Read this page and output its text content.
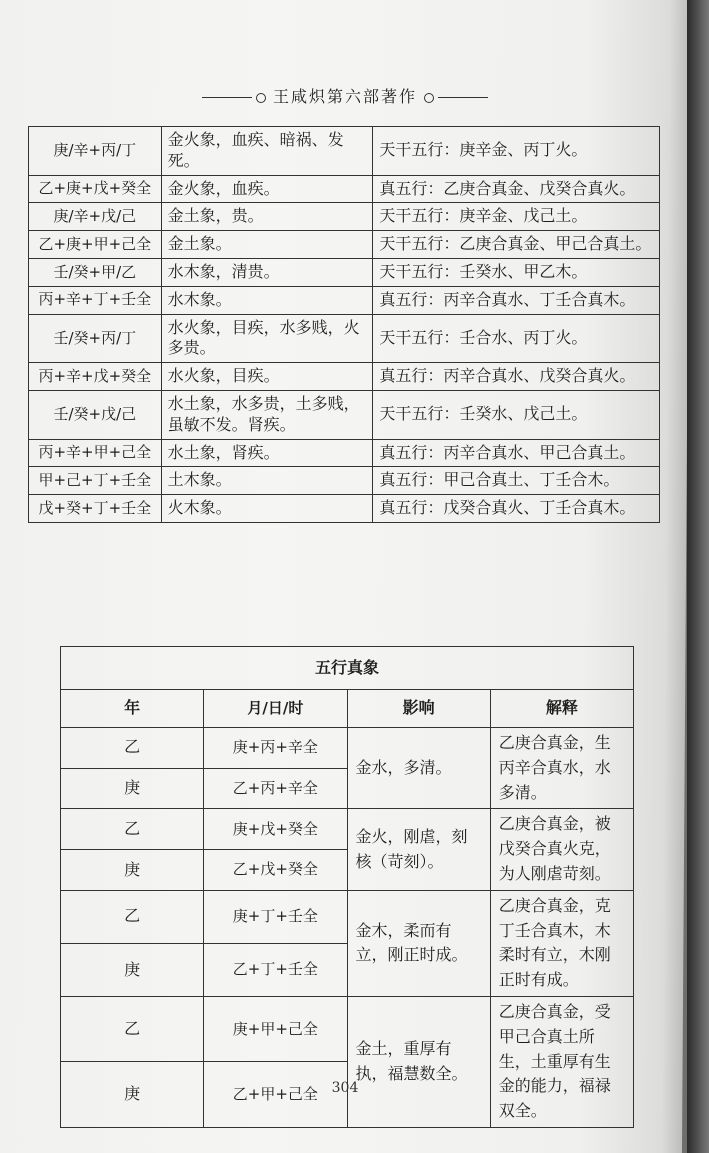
王咸炽第六部著作
庚/辛+丙/丁	金火象，血疾、暗祸、发死。	天干五行：庚辛金、丙丁火。
乙+庚+戊+癸全	金火象，血疾。	真五行：乙庚合真金、戊癸合真火。
庚/辛+戊/己	金土象，贵。	天干五行：庚辛金、戊己土。
乙+庚+甲+己全	金土象。	天干五行：乙庚合真金、甲己合真土。
壬/癸+甲/乙	水木象，清贵。	天干五行：壬癸水、甲乙木。
丙+辛+丁+壬全	水木象。	真五行：丙辛合真水、丁壬合真木。
壬/癸+丙/丁	水火象，目疾，水多贱，火多贵。	天干五行：壬合水、丙丁火。
丙+辛+戊+癸全	水火象，目疾。	真五行：丙辛合真水、戊癸合真火。
壬/癸+戊/己	水土象，水多贵，土多贱，虽敏不发。肾疾。	天干五行：壬癸水、戊己土。
丙+辛+甲+己全	水土象，肾疾。	真五行：丙辛合真水、甲己合真土。
甲+己+丁+壬全	土木象。	真五行：甲己合真土、丁壬合木。
戊+癸+丁+壬全	火木象。	真五行：戊癸合真火、丁壬合真木。
五行真象			
年	月/日/时	影响	解释
乙	庚+丙+辛全	金水，多清。	乙庚合真金，生丙辛合真水，水多清。
庚	乙+丙+辛全		
乙	庚+戊+癸全	金火，刚虐，刻核（苛刻）。	乙庚合真金，被戊癸合真火克，为人刚虐苛刻。
庚	乙+戊+癸全		
乙	庚+丁+壬全	金木，柔而有立，刚正时成。	乙庚合真金，克丁壬合真木，木柔时有立，木刚正时有成。
庚	乙+丁+壬全		
乙	庚+甲+己全	金土，重厚有执，福慧数全。	乙庚合真金，受甲己合真土所生，土重厚有生金的能力，福禄双全。
庚	乙+甲+己全		304
